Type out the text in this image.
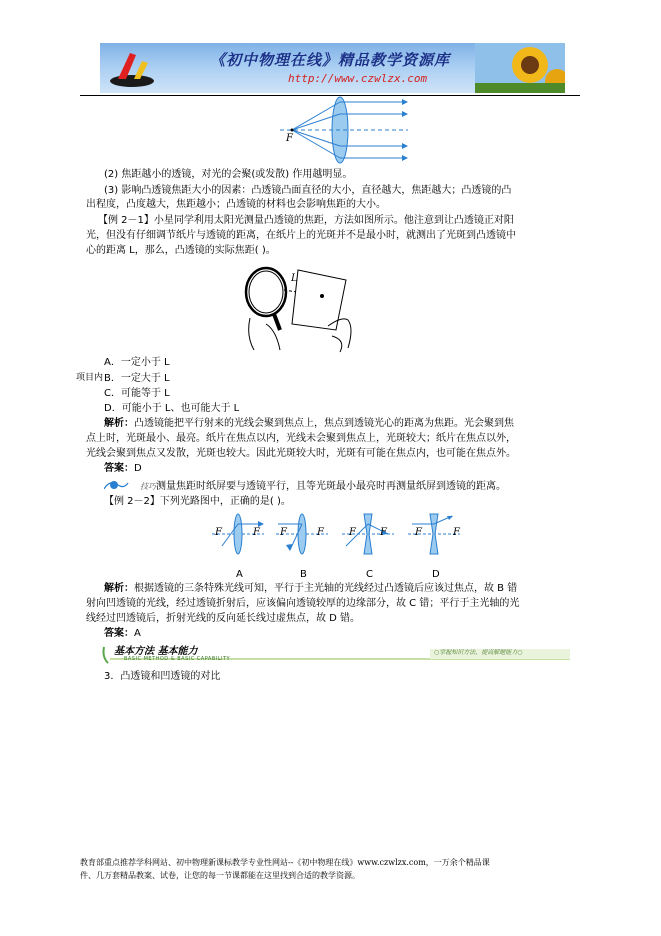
《初中物理在线》精品教学资源库
http://www.czwlzx.com
F
(2) 焦距越小的透镜，对光的会聚(或发散) 作用越明显。
(3) 影响凸透镜焦距大小的因素：凸透镜凸面直径的大小，直径越大，焦距越大；凸透镜的凸
出程度，凸度越大，焦距越小；凸透镜的材料也会影响焦距的大小。
【例 2－1】小星同学利用太阳光测量凸透镜的焦距，方法如图所示。他注意到让凸透镜正对阳
光，但没有仔细调节纸片与透镜的距离，在纸片上的光斑并不是最小时，就测出了光斑到凸透镜中
心的距离 L，那么，凸透镜的实际焦距( )。
L
A．一定小于 L
项目内 B．一定大于 L
C．可能等于 L
D．可能小于 L、也可能大于 L
解析：凸透镜能把平行射来的光线会聚到焦点上，焦点到透镜光心的距离为焦距。光会聚到焦
点上时，光斑最小、最亮。纸片在焦点以内，光线未会聚到焦点上，光斑较大；纸片在焦点以外，
光线会聚到焦点又发散，光斑也较大。因此光斑较大时，光斑有可能在焦点内，也可能在焦点外。
答案：D
技巧测量焦距时纸屏要与透镜平行，且等光斑最小最亮时再测量纸屏到透镜的距离。
【例 2－2】下列光路图中，正确的是( )。
F	F F	F	F F	F	F
A	B	C	D
解析：根据透镜的三条特殊光线可知，平行于主光轴的光线经过凸透镜后应该过焦点，故 B 错
射向凹透镜的光线，经过透镜折射后，应该偏向透镜较厚的边缘部分，故 C 错；平行于主光轴的光
线经过凹透镜后，折射光线的反向延长线过虚焦点，故 D 错。
答案：A
基本方法 基本能力
BASIC METHOD & BASIC CAPABILITY
○掌握知识方法，提高解题能力○
3．凸透镜和凹透镜的对比
教育部重点推荐学科网站、初中物理新课标教学专业性网站--《初中物理在线》www.czwlzx.com，一万余个精品课
件、几万套精品教案、试卷，让您的每一节课都能在这里找到合适的教学资源。
